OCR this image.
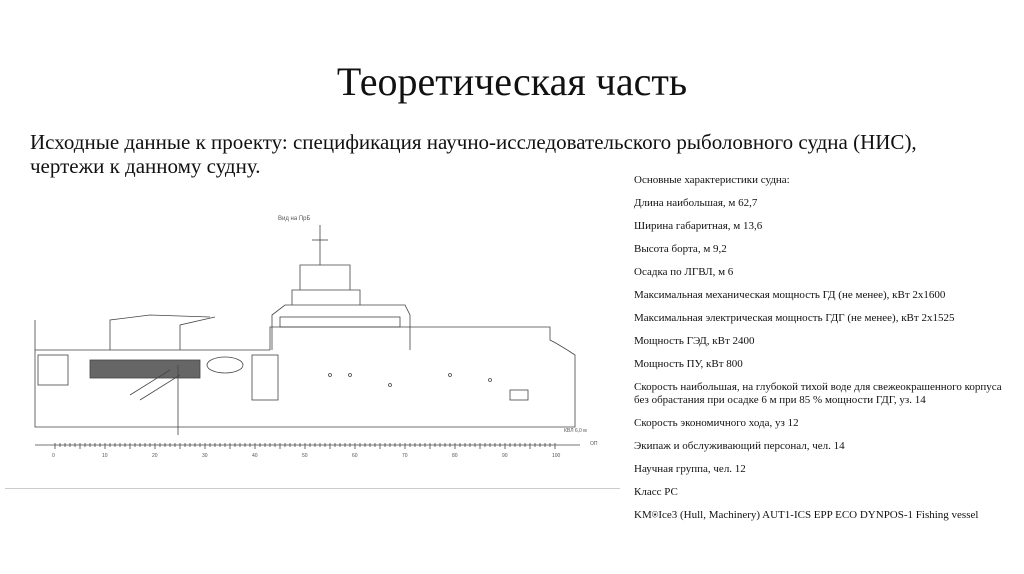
Теоретическая часть
Исходные данные к проекту: спецификация научно-исследовательского рыболовного судна (НИС), чертежи к данному судну.
Вид на ПрБ
0	10	20	30	40	50	60	70	80	90	100
КВЛ 6,0 м
ОП
Основные характеристики судна:
Длина наибольшая, м 62,7
Ширина габаритная, м 13,6
Высота борта, м 9,2
Осадка по ЛГВЛ, м 6
Максимальная механическая мощность ГД (не менее), кВт 2х1600
Максимальная электрическая мощность ГДГ (не менее), кВт 2х1525
Мощность ГЭД, кВт 2400
Мощность ПУ, кВт 800
Скорость наибольшая, на глубокой тихой воде для свежеокрашенного корпуса без обрастания при осадке 6 м при 85 % мощности ГДГ, уз. 14
Скорость экономичного хода, уз 12
Экипаж и обслуживающий персонал, чел. 14
Научная группа, чел. 12
Класс РС
KM⍟Ice3 (Hull, Machinery) AUT1-ICS EPP ECO DYNPOS-1 Fishing vessel
